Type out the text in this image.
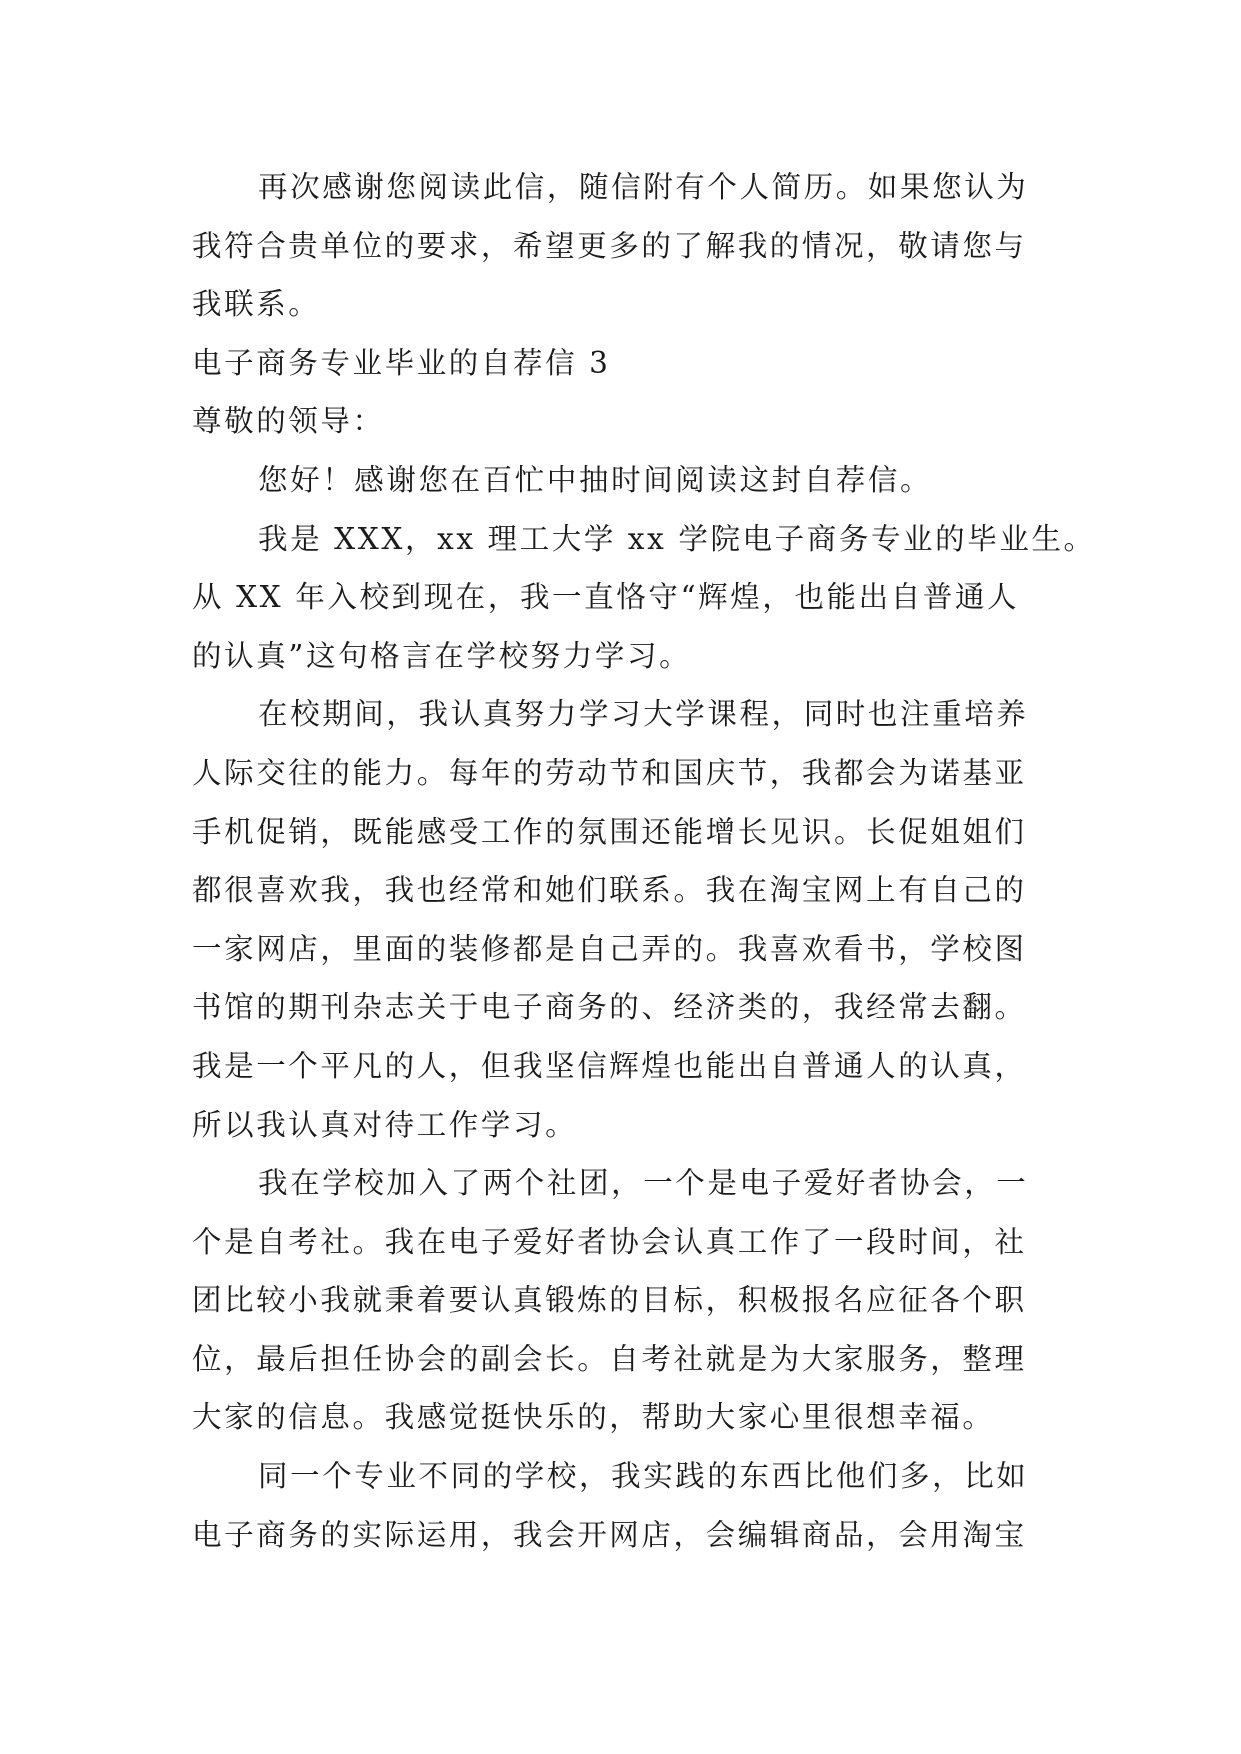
再次感谢您阅读此信，随信附有个人简历。如果您认为
我符合贵单位的要求，希望更多的了解我的情况，敬请您与
我联系。
电子商务专业毕业的自荐信 3
尊敬的领导：
您好！感谢您在百忙中抽时间阅读这封自荐信。
我是 XXX，xx 理工大学 xx 学院电子商务专业的毕业生。
从 XX 年入校到现在，我一直恪守“辉煌，也能出自普通人
的认真”这句格言在学校努力学习。
在校期间，我认真努力学习大学课程，同时也注重培养
人际交往的能力。每年的劳动节和国庆节，我都会为诺基亚
手机促销，既能感受工作的氛围还能增长见识。长促姐姐们
都很喜欢我，我也经常和她们联系。我在淘宝网上有自己的
一家网店，里面的装修都是自己弄的。我喜欢看书，学校图
书馆的期刊杂志关于电子商务的、经济类的，我经常去翻。
我是一个平凡的人，但我坚信辉煌也能出自普通人的认真，
所以我认真对待工作学习。
我在学校加入了两个社团，一个是电子爱好者协会，一
个是自考社。我在电子爱好者协会认真工作了一段时间，社
团比较小我就秉着要认真锻炼的目标，积极报名应征各个职
位，最后担任协会的副会长。自考社就是为大家服务，整理
大家的信息。我感觉挺快乐的，帮助大家心里很想幸福。
同一个专业不同的学校，我实践的东西比他们多，比如
电子商务的实际运用，我会开网店，会编辑商品，会用淘宝
